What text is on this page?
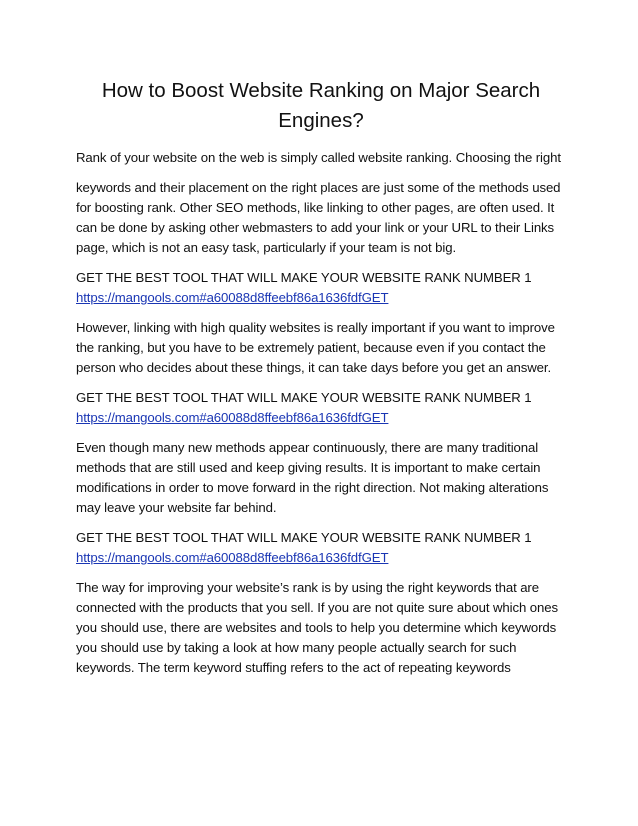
How to Boost Website Ranking on Major Search
Engines?

Rank of your website on the web is simply called website ranking. Choosing the right

keywords and their placement on the right places are just some of the methods used for boosting rank. Other SEO methods, like linking to other pages, are often used. It can be done by asking other webmasters to add your link or your URL to their Links page, which is not an easy task, particularly if your team is not big.

GET THE BEST TOOL THAT WILL MAKE YOUR WEBSITE RANK NUMBER 1
https://mangools.com#a60088d8ffeebf86a1636fdfGET

However, linking with high quality websites is really important if you want to improve the ranking, but you have to be extremely patient, because even if you contact the person who decides about these things, it can take days before you get an answer.

GET THE BEST TOOL THAT WILL MAKE YOUR WEBSITE RANK NUMBER 1
https://mangools.com#a60088d8ffeebf86a1636fdfGET

Even though many new methods appear continuously, there are many traditional methods that are still used and keep giving results. It is important to make certain modifications in order to move forward in the right direction. Not making alterations may leave your website far behind.

GET THE BEST TOOL THAT WILL MAKE YOUR WEBSITE RANK NUMBER 1
https://mangools.com#a60088d8ffeebf86a1636fdfGET

The way for improving your website’s rank is by using the right keywords that are connected with the products that you sell. If you are not quite sure about which ones you should use, there are websites and tools to help you determine which keywords you should use by taking a look at how many people actually search for such keywords. The term keyword stuffing refers to the act of repeating keywords
